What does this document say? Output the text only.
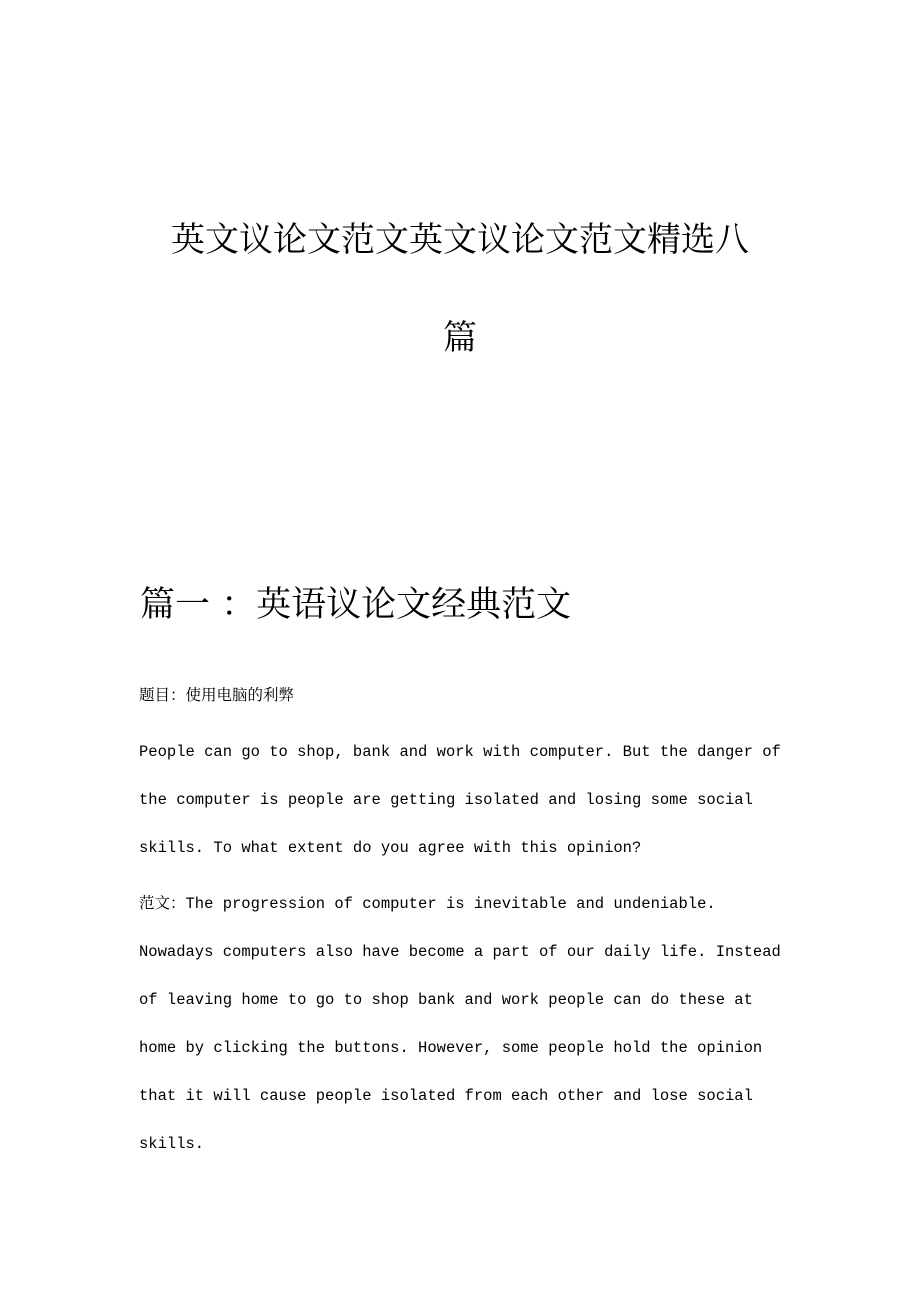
英文议论文范文英文议论文范文精选八
篇
篇一 ：英语议论文经典范文
题目：使用电脑的利弊
People can go to shop, bank and work with computer. But the danger of
the computer is people are getting isolated and losing some social
skills. To what extent do you agree with this opinion?
范文：The progression of computer is inevitable and undeniable.
Nowadays computers also have become a part of our daily life. Instead
of leaving home to go to shop bank and work people can do these at
home by clicking the buttons. However, some people hold the opinion
that it will cause people isolated from each other and lose social
skills.
